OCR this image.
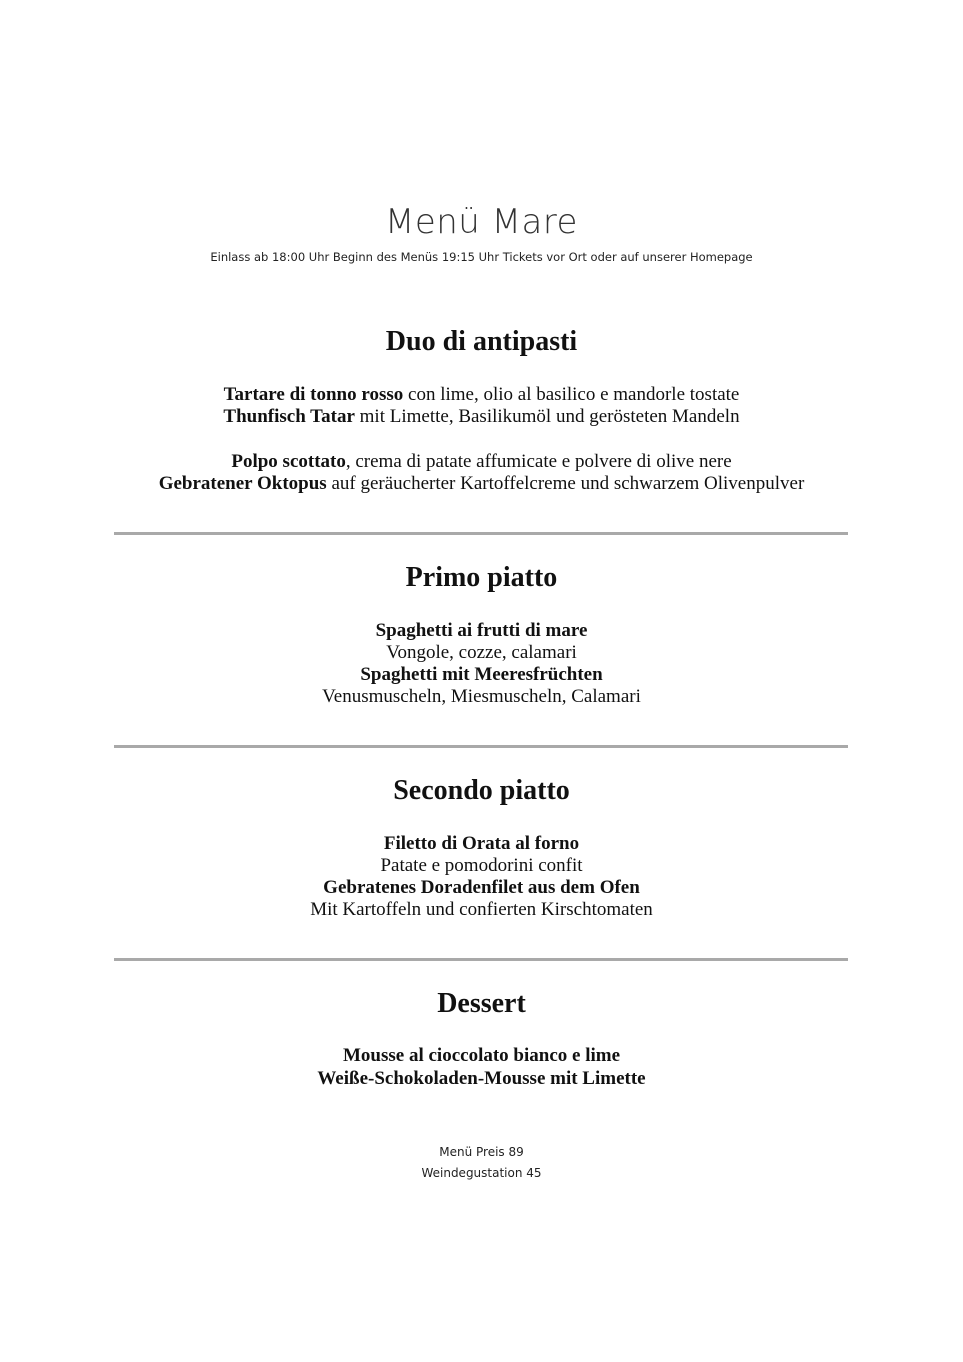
Menü Mare
Einlass ab 18:00 Uhr Beginn des Menüs 19:15 Uhr Tickets vor Ort oder auf unserer Homepage
Duo di antipasti
Tartare di tonno rosso con lime, olio al basilico e mandorle tostate
Thunfisch Tatar mit Limette, Basilikumöl und gerösteten Mandeln
Polpo scottato, crema di patate affumicate e polvere di olive nere
Gebratener Oktopus auf geräucherter Kartoffelcreme und schwarzem Olivenpulver
Primo piatto
Spaghetti ai frutti di mare
Vongole, cozze, calamari
Spaghetti mit Meeresfrüchten
Venusmuscheln, Miesmuscheln, Calamari
Secondo piatto
Filetto di Orata al forno
Patate e pomodorini confit
Gebratenes Doradenfilet aus dem Ofen
Mit Kartoffeln und confierten Kirschtomaten
Dessert
Mousse al cioccolato bianco e lime
Weiße-Schokoladen-Mousse mit Limette
Menü Preis 89
Weindegustation 45
